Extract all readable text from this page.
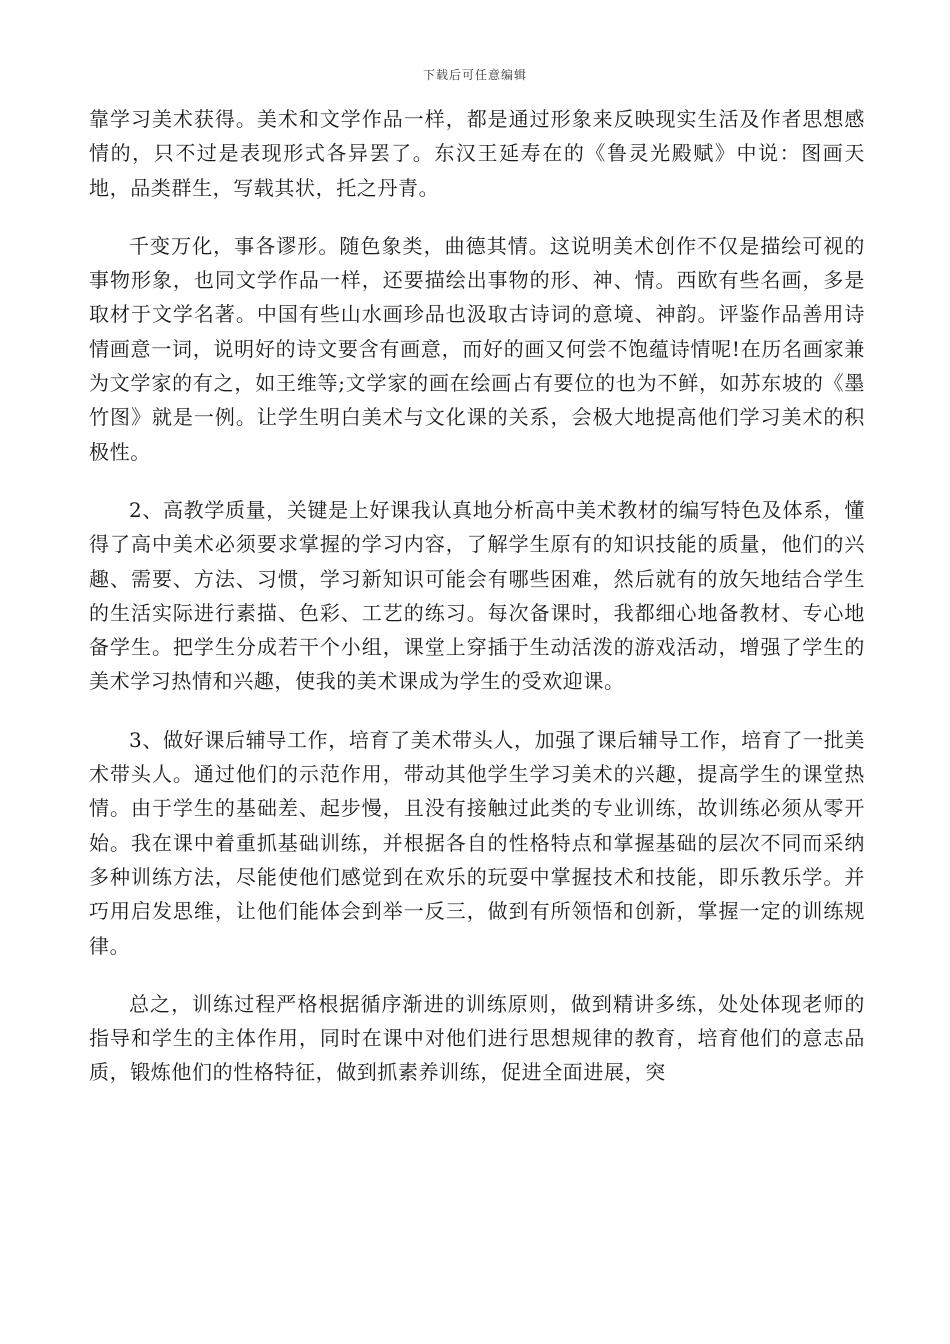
下载后可任意编辑

靠学习美术获得。美术和文学作品一样，都是通过形象来反映现实生活及作者思想感情的，只不过是表现形式各异罢了。东汉王延寿在的《鲁灵光殿赋》中说：图画天地，品类群生，写载其状，托之丹青。

千变万化，事各谬形。随色象类，曲德其情。这说明美术创作不仅是描绘可视的事物形象，也同文学作品一样，还要描绘出事物的形、神、情。西欧有些名画，多是取材于文学名著。中国有些山水画珍品也汲取古诗词的意境、神韵。评鉴作品善用诗情画意一词，说明好的诗文要含有画意，而好的画又何尝不饱蕴诗情呢!在历名画家兼为文学家的有之，如王维等;文学家的画在绘画占有要位的也为不鲜，如苏东坡的《墨竹图》就是一例。让学生明白美术与文化课的关系，会极大地提高他们学习美术的积极性。

2、高教学质量，关键是上好课我认真地分析高中美术教材的编写特色及体系，懂得了高中美术必须要求掌握的学习内容，了解学生原有的知识技能的质量，他们的兴趣、需要、方法、习惯，学习新知识可能会有哪些困难，然后就有的放矢地结合学生的生活实际进行素描、色彩、工艺的练习。每次备课时，我都细心地备教材、专心地备学生。把学生分成若干个小组，课堂上穿插于生动活泼的游戏活动，增强了学生的美术学习热情和兴趣，使我的美术课成为学生的受欢迎课。

3、做好课后辅导工作，培育了美术带头人，加强了课后辅导工作，培育了一批美术带头人。通过他们的示范作用，带动其他学生学习美术的兴趣，提高学生的课堂热情。由于学生的基础差、起步慢，且没有接触过此类的专业训练，故训练必须从零开始。我在课中着重抓基础训练，并根据各自的性格特点和掌握基础的层次不同而采纳多种训练方法，尽能使他们感觉到在欢乐的玩耍中掌握技术和技能，即乐教乐学。并巧用启发思维，让他们能体会到举一反三，做到有所领悟和创新，掌握一定的训练规律。

总之，训练过程严格根据循序渐进的训练原则，做到精讲多练，处处体现老师的指导和学生的主体作用，同时在课中对他们进行思想规律的教育，培育他们的意志品质，锻炼他们的性格特征，做到抓素养训练，促进全面进展，突
